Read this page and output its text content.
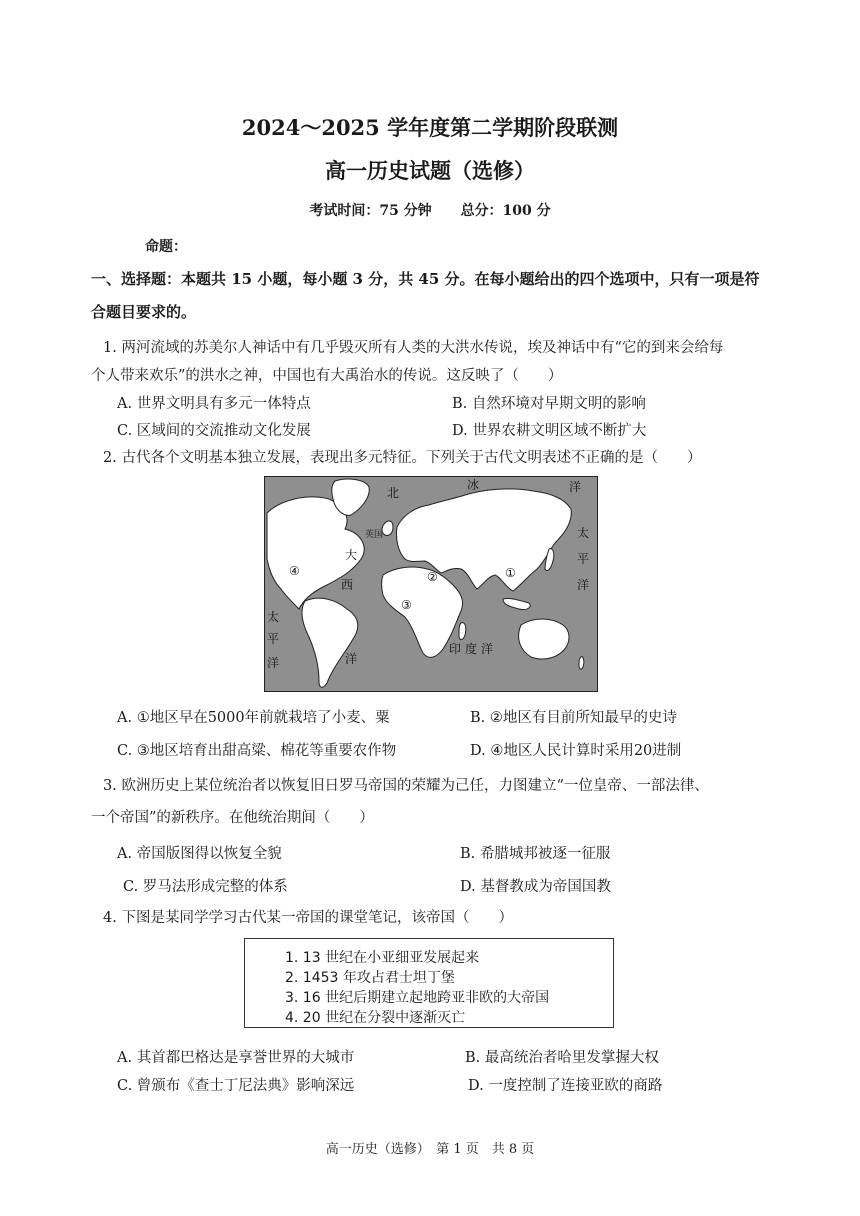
2024～2025 学年度第二学期阶段联测
高一历史试题（选修）
考试时间：75 分钟 总分：100 分
命题：
一、选择题：本题共 15 小题，每小题 3 分，共 45 分。在每小题给出的四个选项中，只有一项是符
合题目要求的。
1. 两河流域的苏美尔人神话中有几乎毁灭所有人类的大洪水传说，埃及神话中有“它的到来会给每
个人带来欢乐”的洪水之神，中国也有大禹治水的传说。这反映了（　　）
A. 世界文明具有多元一体特点	B. 自然环境对早期文明的影响
C. 区域间的交流推动文化发展	D. 世界农耕文明区域不断扩大
2. 古代各个文明基本独立发展，表现出多元特征。下列关于古代文明表述不正确的是（　　）
北
冰	洋
英国
大
西
洋
太
平
洋
太
平
洋
印 度 洋
①
②
③
④
A. ①地区早在5000年前就栽培了小麦、粟	B. ②地区有目前所知最早的史诗
C. ③地区培育出甜高粱、棉花等重要农作物	D. ④地区人民计算时采用20进制
3. 欧洲历史上某位统治者以恢复旧日罗马帝国的荣耀为己任，力图建立“一位皇帝、一部法律、
一个帝国”的新秩序。在他统治期间（　　）
A. 帝国版图得以恢复全貌	B. 希腊城邦被逐一征服
C. 罗马法形成完整的体系	D. 基督教成为帝国国教
4. 下图是某同学学习古代某一帝国的课堂笔记，该帝国（　　）
1. 13 世纪在小亚细亚发展起来
2. 1453 年攻占君士坦丁堡
3. 16 世纪后期建立起地跨亚非欧的大帝国
4. 20 世纪在分裂中逐渐灭亡
A. 其首都巴格达是享誉世界的大城市	B. 最高统治者哈里发掌握大权
C. 曾颁布《查士丁尼法典》影响深远	D. 一度控制了连接亚欧的商路
高一历史（选修）　第 1 页　共 8 页
